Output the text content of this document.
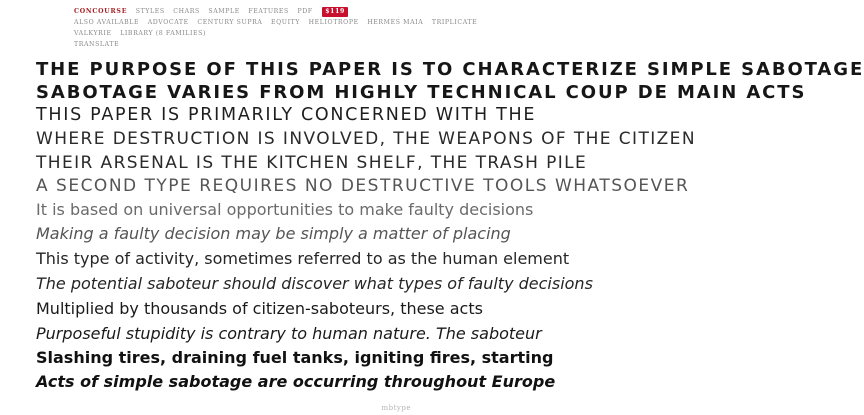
CONCOURSE STYLES CHARS SAMPLE FEATURES PDF $119
ALSO AVAILABLE ADVOCATE CENTURY SUPRA EQUITY HELIOTROPE HERMES MAIA TRIPLICATE
VALKYRIE LIBRARY (8 FAMILIES)
TRANSLATE
THE PURPOSE OF THIS PAPER IS TO CHARACTERIZE SIMPLE SABOTAGE
SABOTAGE VARIES FROM HIGHLY TECHNICAL COUP DE MAIN ACTS
THIS PAPER IS PRIMARILY CONCERNED WITH THE
WHERE DESTRUCTION IS INVOLVED, THE WEAPONS OF THE CITIZEN
THEIR ARSENAL IS THE KITCHEN SHELF, THE TRASH PILE
A SECOND TYPE REQUIRES NO DESTRUCTIVE TOOLS WHATSOEVER
It is based on universal opportunities to make faulty decisions
Making a faulty decision may be simply a matter of placing
This type of activity, sometimes referred to as the human element
The potential saboteur should discover what types of faulty decisions
Multiplied by thousands of citizen-saboteurs, these acts
Purposeful stupidity is contrary to human nature. The saboteur
Slashing tires, draining fuel tanks, igniting fires, starting
Acts of simple sabotage are occurring throughout Europe
mbtype
